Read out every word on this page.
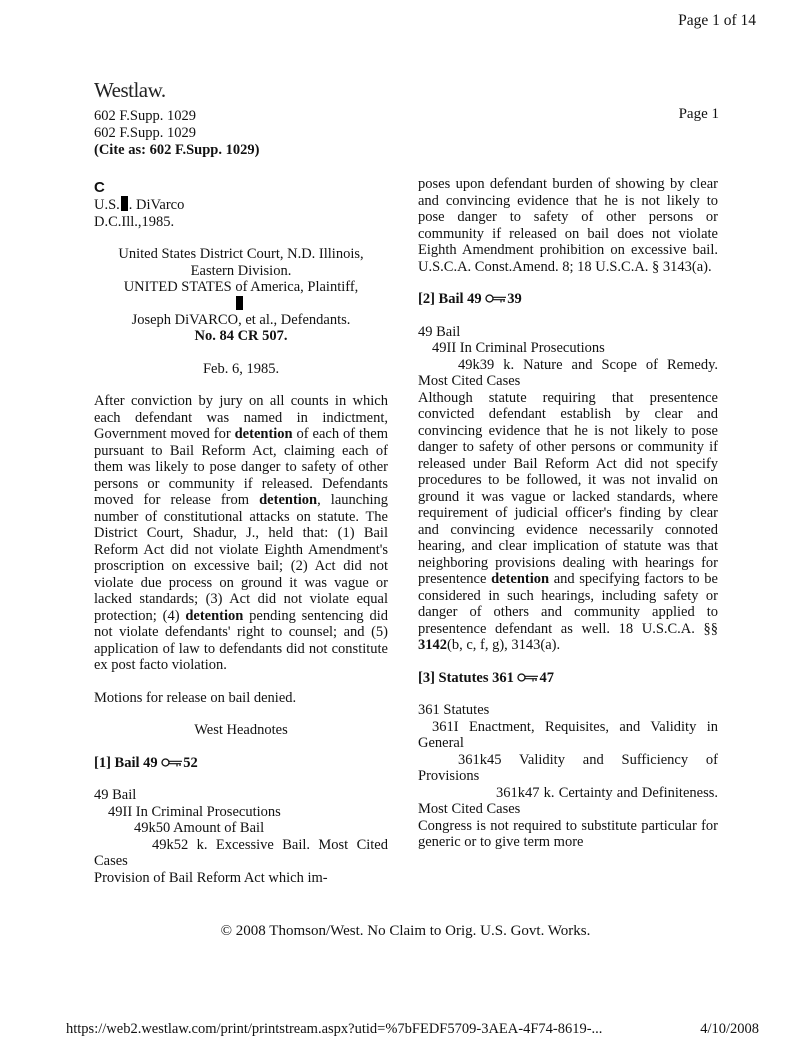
Page 1 of 14
Westlaw.
602 F.Supp. 1029
602 F.Supp. 1029
(Cite as: 602 F.Supp. 1029)
Page 1
C
U.S. . DiVarco
D.C.Ill.,1985.
United States District Court, N.D. Illinois,
Eastern Division.
UNITED STATES of America, Plaintiff,
Joseph DiVARCO, et al., Defendants.
No. 84 CR 507.
Feb. 6, 1985.

After conviction by jury on all counts in which each defendant was named in indictment, Government moved for detention of each of them pursuant to Bail Reform Act, claiming each of them was likely to pose danger to safety of other persons or community if released. Defendants moved for release from detention, launching number of constitutional attacks on statute. The District Court, Shadur, J., held that: (1) Bail Reform Act did not violate Eighth Amendment's proscription on excessive bail; (2) Act did not violate due process on ground it was vague or lacked standards; (3) Act did not violate equal protection; (4) detention pending sentencing did not violate defendants' right to counsel; and (5) application of law to defendants did not constitute ex post facto violation.

Motions for release on bail denied.
West Headnotes
[1] Bail 49 52
49 Bail
49II In Criminal Prosecutions
49k50 Amount of Bail
49k52 k. Excessive Bail. Most Cited Cases
Provision of Bail Reform Act which im-

poses upon defendant burden of showing by clear and convincing evidence that he is not likely to pose danger to safety of other persons or community if released on bail does not violate Eighth Amendment prohibition on excessive bail. U.S.C.A. Const.Amend. 8; 18 U.S.C.A. § 3143(a).

[2] Bail 49 39
49 Bail
49II In Criminal Prosecutions
49k39 k. Nature and Scope of Remedy. Most Cited Cases

Although statute requiring that presentence convicted defendant establish by clear and convincing evidence that he is not likely to pose danger to safety of other persons or community if released under Bail Reform Act did not specify procedures to be followed, it was not invalid on ground it was vague or lacked standards, where requirement of judicial officer's finding by clear and convincing evidence necessarily connoted hearing, and clear implication of statute was that neighboring provisions dealing with hearings for presentence detention and specifying factors to be considered in such hearings, including safety or danger of others and community applied to presentence defendant as well. 18 U.S.C.A. §§ 3142(b, c, f, g), 3143(a).

[3] Statutes 361 47
361 Statutes
361I Enactment, Requisites, and Validity in General
361k45 Validity and Sufficiency of Provisions
361k47 k. Certainty and Definiteness. Most Cited Cases
Congress is not required to substitute particular for generic or to give term more
© 2008 Thomson/West. No Claim to Orig. U.S. Govt. Works.
https://web2.westlaw.com/print/printstream.aspx?utid=%7bFEDF5709-3AEA-4F74-8619-...	4/10/2008
